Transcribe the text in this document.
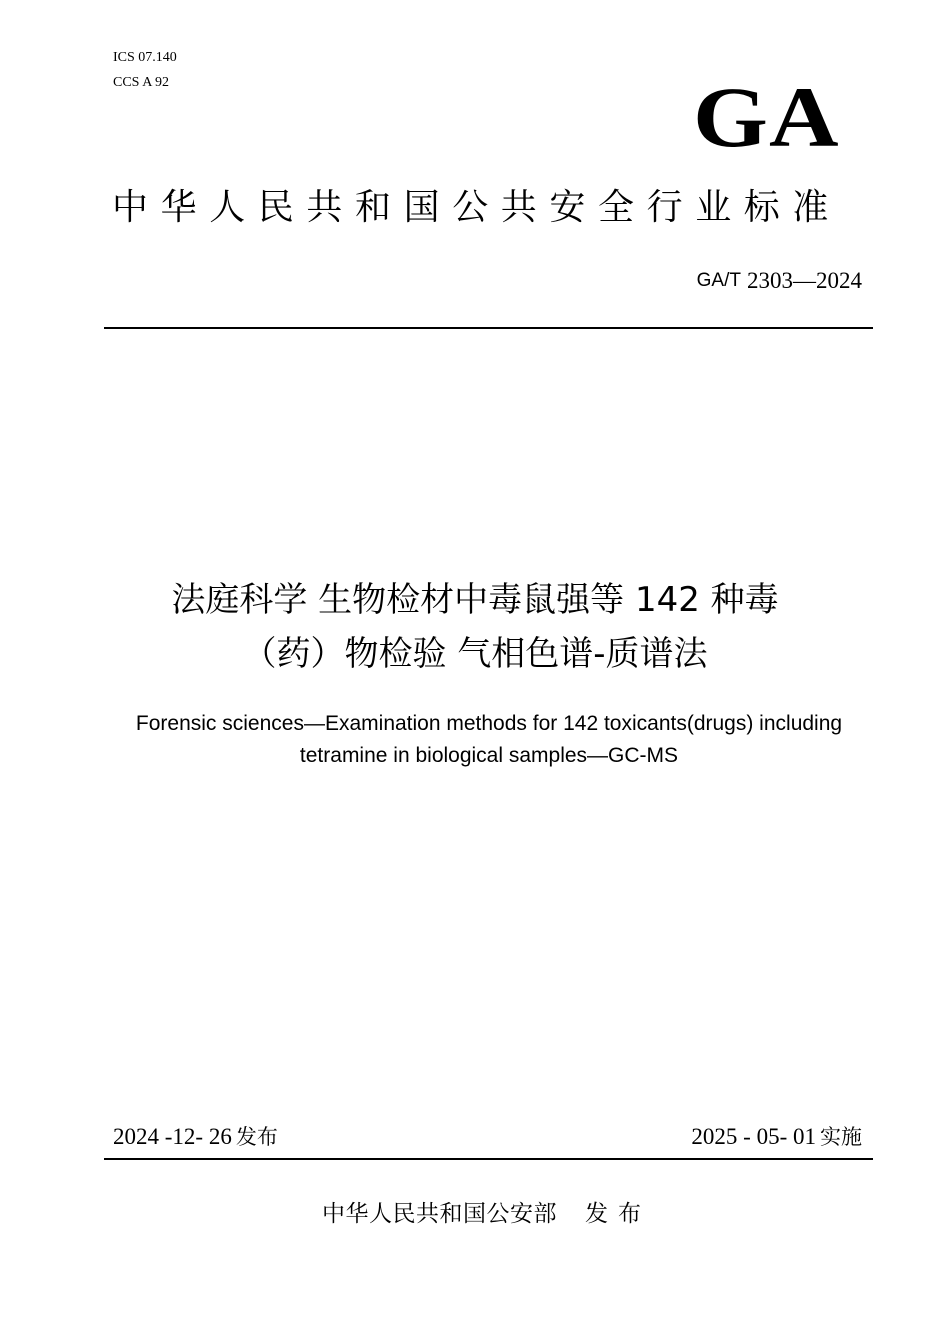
ICS 07.140
CCS A 92	GA
中华人民共和国公共安全行业标准
GA/T 2303—2024
法庭科学 生物检材中毒鼠强等 142 种毒
（药）物检验 气相色谱-质谱法
Forensic sciences—Examination methods for 142 toxicants(drugs) including
tetramine in biological samples—GC-MS
2024 -12- 26 发布	2025 - 05- 01 实施
中华人民共和国公安部 发布
